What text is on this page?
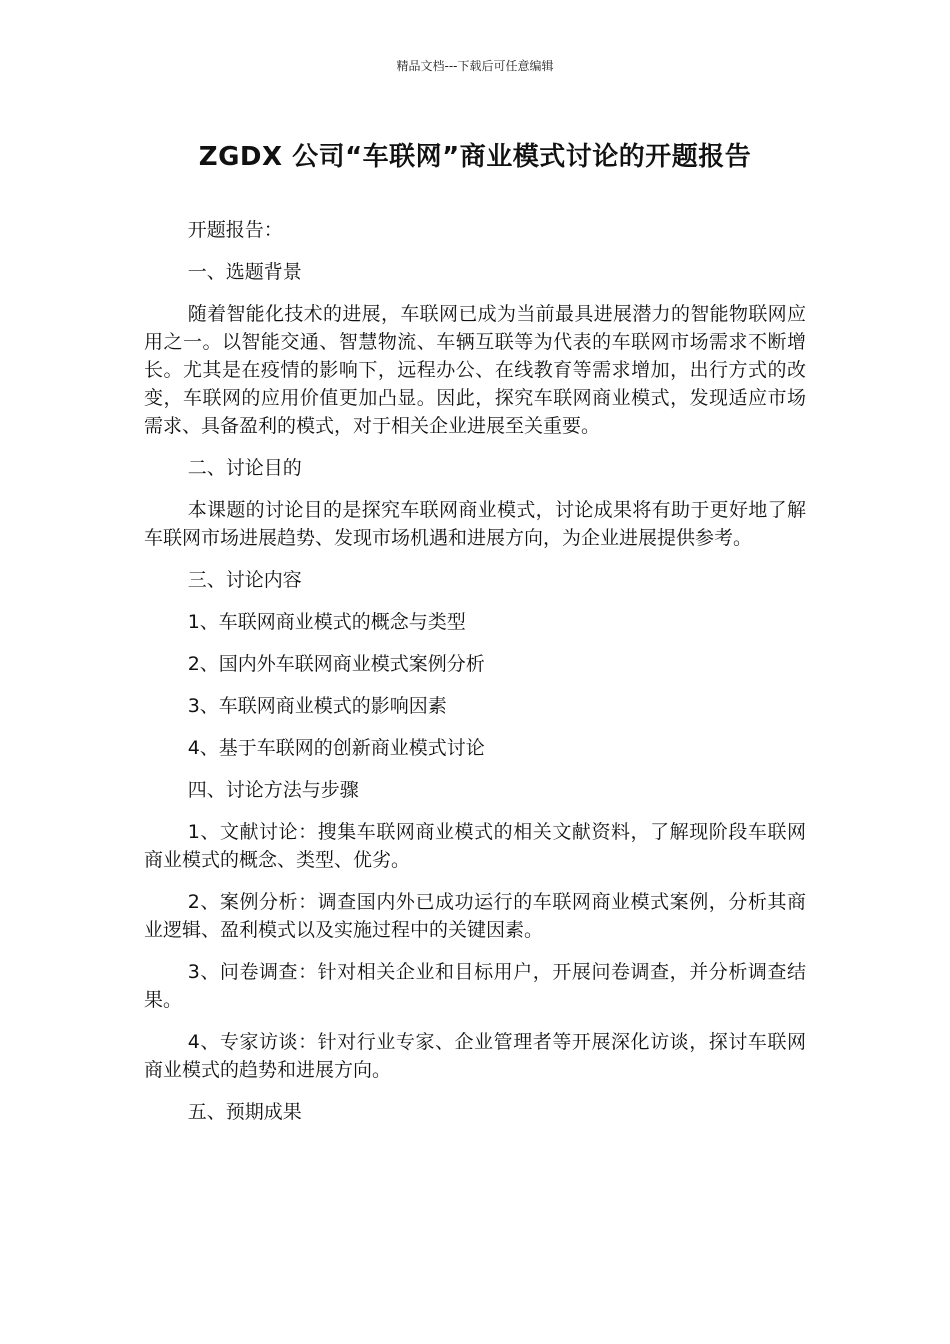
精品文档---下载后可任意编辑
ZGDX 公司“车联网”商业模式讨论的开题报告

开题报告：

一、选题背景

随着智能化技术的进展，车联网已成为当前最具进展潜力的智能物联网应用之一。以智能交通、智慧物流、车辆互联等为代表的车联网市场需求不断增长。尤其是在疫情的影响下，远程办公、在线教育等需求增加，出行方式的改变，车联网的应用价值更加凸显。因此，探究车联网商业模式，发现适应市场需求、具备盈利的模式，对于相关企业进展至关重要。

二、讨论目的

本课题的讨论目的是探究车联网商业模式，讨论成果将有助于更好地了解车联网市场进展趋势、发现市场机遇和进展方向，为企业进展提供参考。

三、讨论内容

1、车联网商业模式的概念与类型

2、国内外车联网商业模式案例分析

3、车联网商业模式的影响因素

4、基于车联网的创新商业模式讨论

四、讨论方法与步骤

1、文献讨论：搜集车联网商业模式的相关文献资料，了解现阶段车联网商业模式的概念、类型、优劣。

2、案例分析：调查国内外已成功运行的车联网商业模式案例，分析其商业逻辑、盈利模式以及实施过程中的关键因素。

3、问卷调查：针对相关企业和目标用户，开展问卷调查，并分析调查结果。

4、专家访谈：针对行业专家、企业管理者等开展深化访谈，探讨车联网商业模式的趋势和进展方向。

五、预期成果
